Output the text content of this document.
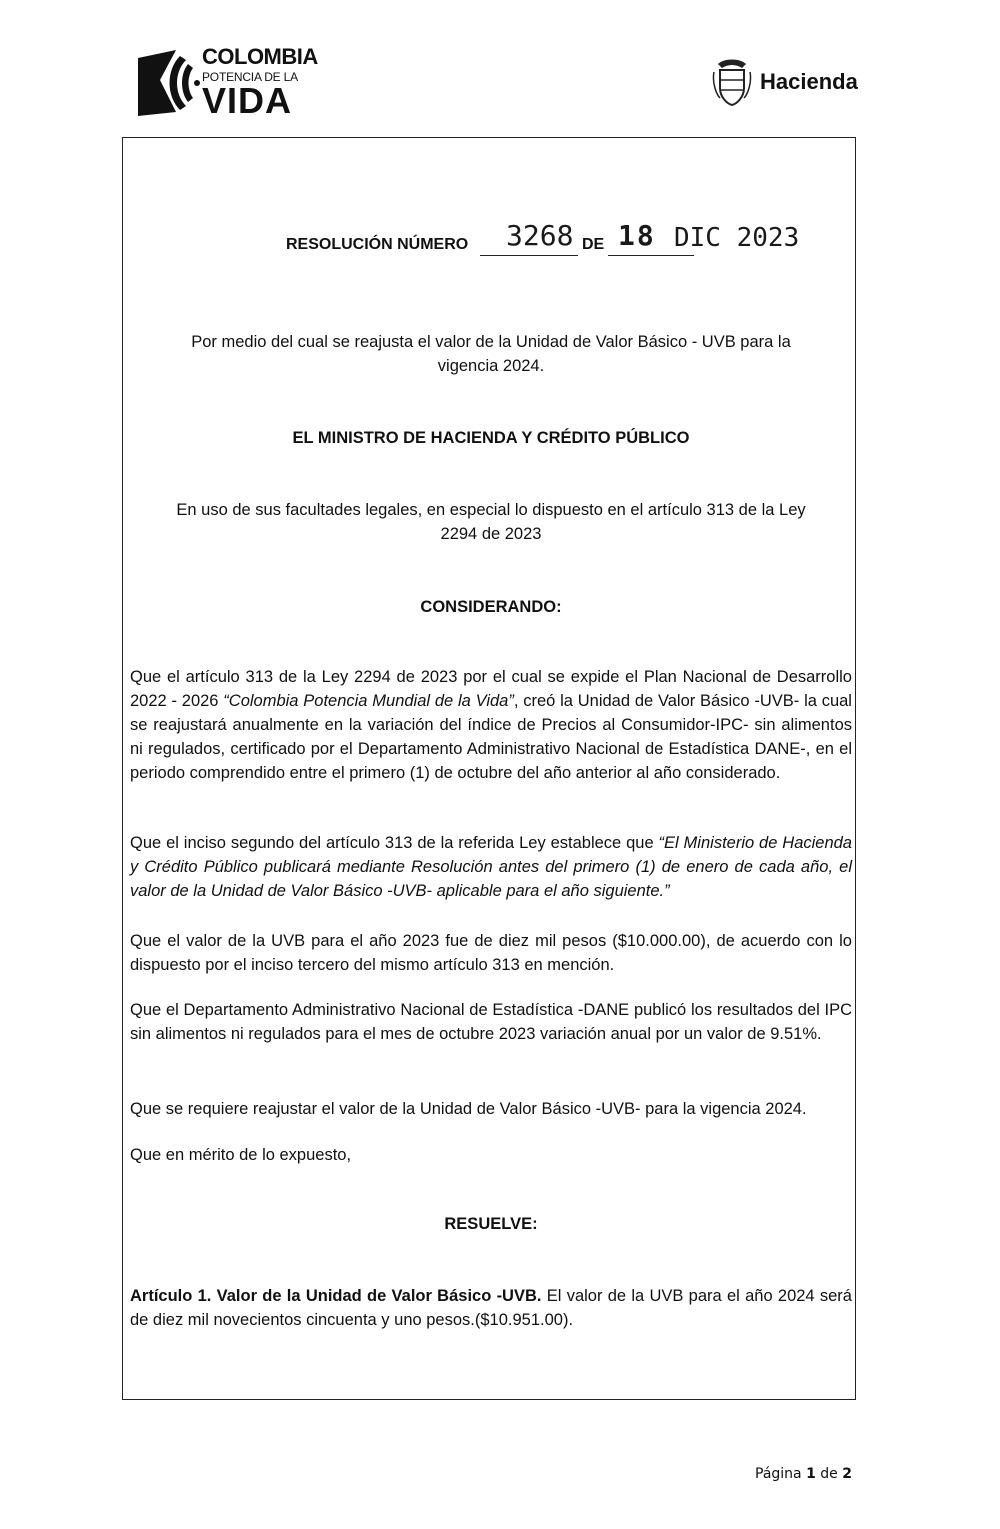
COLOMBIA
POTENCIA DE LA
VIDA	Hacienda
RESOLUCIÓN NÚMERO 3268 DE 18 DIC 2023
Por medio del cual se reajusta el valor de la Unidad de Valor Básico - UVB para la
vigencia 2024.
EL MINISTRO DE HACIENDA Y CRÉDITO PÚBLICO
En uso de sus facultades legales, en especial lo dispuesto en el artículo 313 de la Ley
2294 de 2023
CONSIDERANDO:
Que el artículo 313 de la Ley 2294 de 2023 por el cual se expide el Plan Nacional de Desarrollo 2022 - 2026 “Colombia Potencia Mundial de la Vida”, creó la Unidad de Valor Básico -UVB- la cual se reajustará anualmente en la variación del índice de Precios al Consumidor-IPC- sin alimentos ni regulados, certificado por el Departamento Administrativo Nacional de Estadística DANE-, en el periodo comprendido entre el primero (1) de octubre del año anterior al año considerado.
Que el inciso segundo del artículo 313 de la referida Ley establece que “El Ministerio de Hacienda y Crédito Público publicará mediante Resolución antes del primero (1) de enero de cada año, el valor de la Unidad de Valor Básico -UVB- aplicable para el año siguiente.”
Que el valor de la UVB para el año 2023 fue de diez mil pesos ($10.000.00), de acuerdo con lo dispuesto por el inciso tercero del mismo artículo 313 en mención.
Que el Departamento Administrativo Nacional de Estadística -DANE publicó los resultados del IPC sin alimentos ni regulados para el mes de octubre 2023 variación anual por un valor de 9.51%.
Que se requiere reajustar el valor de la Unidad de Valor Básico -UVB- para la vigencia 2024.
Que en mérito de lo expuesto,
RESUELVE:
Artículo 1. Valor de la Unidad de Valor Básico -UVB. El valor de la UVB para el año 2024 será de diez mil novecientos cincuenta y uno pesos.($10.951.00).
Página 1 de 2
